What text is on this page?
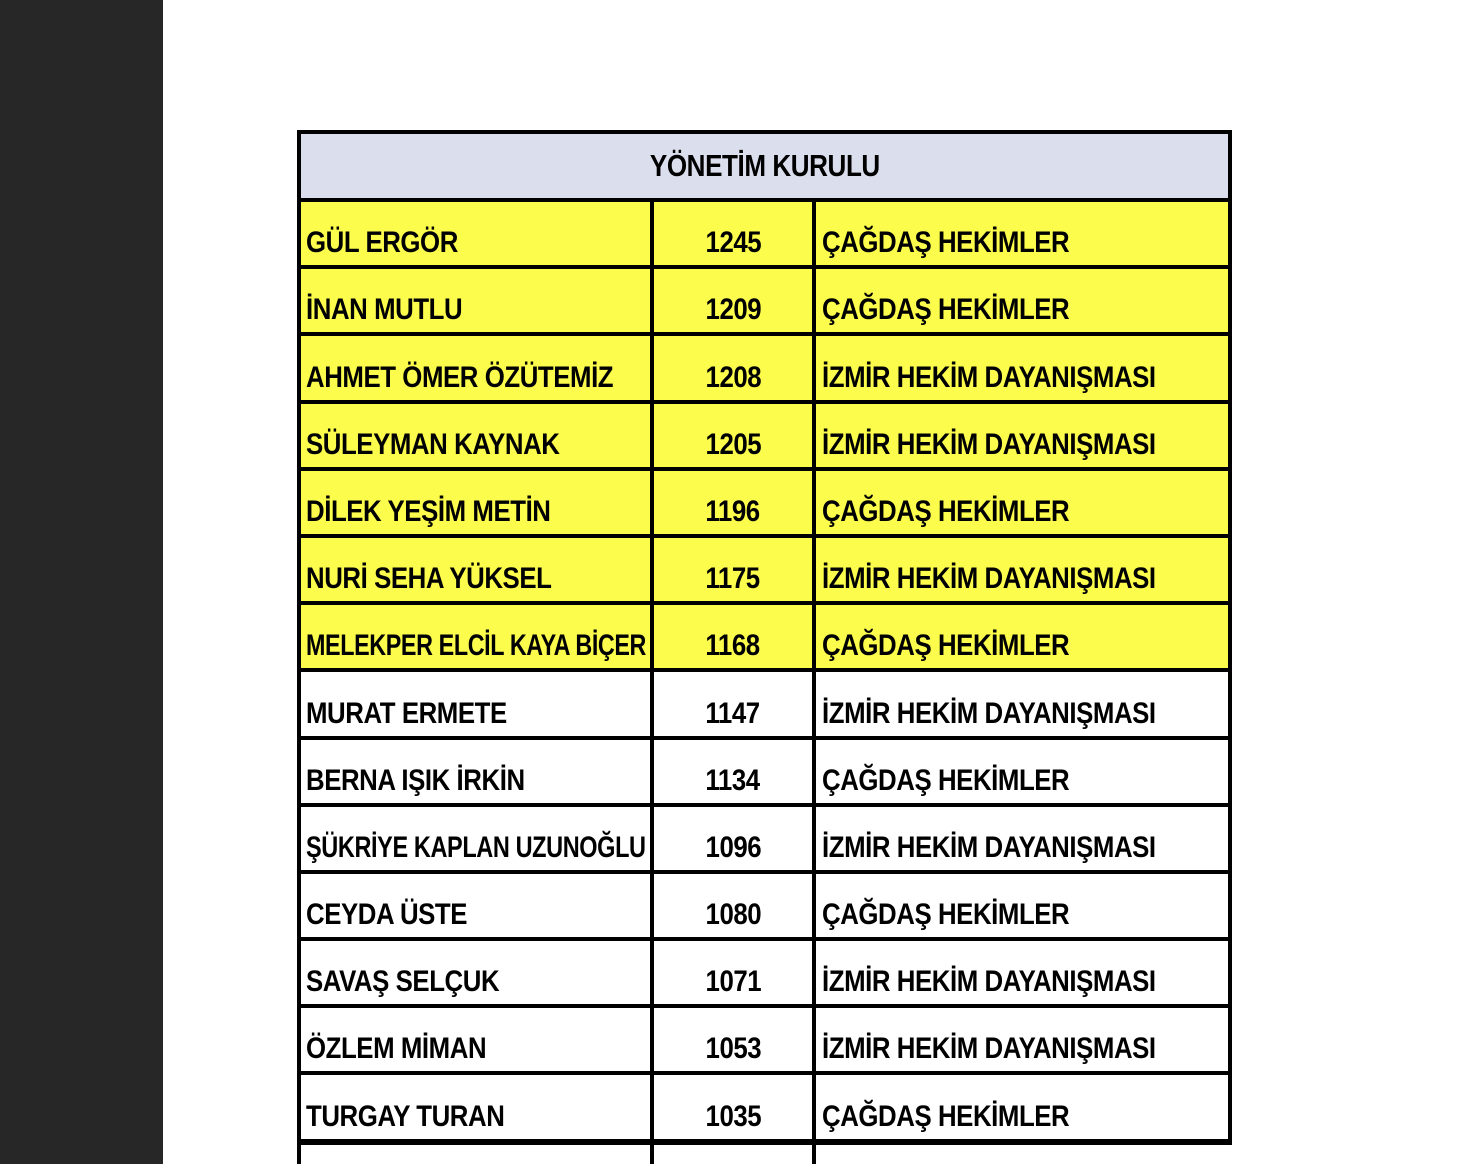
YÖNETİM KURULU
GÜL ERGÖR	1245 ÇAĞDAŞ HEKİMLER
İNAN MUTLU	1209 ÇAĞDAŞ HEKİMLER
AHMET ÖMER ÖZÜTEMİZ	1208 İZMİR HEKİM DAYANIŞMASI
SÜLEYMAN KAYNAK	1205 İZMİR HEKİM DAYANIŞMASI
DİLEK YEŞİM METİN	1196 ÇAĞDAŞ HEKİMLER
NURİ SEHA YÜKSEL	1175 İZMİR HEKİM DAYANIŞMASI
MELEKPER ELCİL KAYA BİÇER 1168 ÇAĞDAŞ HEKİMLER
MURAT ERMETE	1147 İZMİR HEKİM DAYANIŞMASI
BERNA IŞIK İRKİN	1134 ÇAĞDAŞ HEKİMLER
ŞÜKRİYE KAPLAN UZUNOĞLU 1096 İZMİR HEKİM DAYANIŞMASI
CEYDA ÜSTE	1080 ÇAĞDAŞ HEKİMLER
SAVAŞ SELÇUK	1071 İZMİR HEKİM DAYANIŞMASI
ÖZLEM MİMAN	1053 İZMİR HEKİM DAYANIŞMASI
TURGAY TURAN	1035 ÇAĞDAŞ HEKİMLER
